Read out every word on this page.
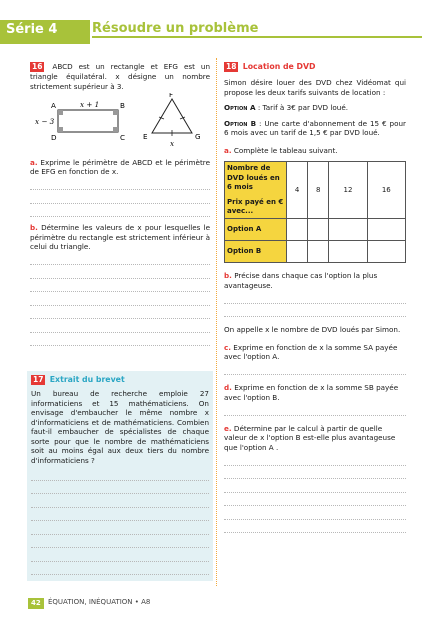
Série 4	Résoudre un problème

16 ABCD est un rectangle et EFG est un triangle équilatéral. x désigne un nombre strictement supérieur à 3.

A	B
C
D
x + 1
x − 3
F
E	G
x

a. Exprime le périmètre de ABCD et le périmètre de EFG en fonction de x.

b. Détermine les valeurs de x pour lesquelles le périmètre du rectangle est strictement inférieur à celui du triangle.

17 Extrait du brevet

Un bureau de recherche emploie 27 informaticiens et 15 mathématiciens. On envisage d'embaucher le même nombre x d'informaticiens et de mathématiciens. Combien faut-il embaucher de spécialistes de chaque sorte pour que le nombre de mathématiciens soit au moins égal aux deux tiers du nombre d'informaticiens ?

18 Location de DVD

Simon désire louer des DVD chez Vidéomat qui propose les deux tarifs suivants de location :

Option A : Tarif à 3€ par DVD loué.

Option B : Une carte d'abonnement de 15 € pour 6 mois avec un tarif de 1,5 € par DVD loué.

a. Complète le tableau suivant.

Nombre de DVD loués en 6 mois
Prix payé en € avec...	4	8	12	16
Option A				
Option B				

b. Précise dans chaque cas l'option la plus avantageuse.

On appelle x le nombre de DVD loués par Simon.

c. Exprime en fonction de x la somme SA payée avec l'option A.

d. Exprime en fonction de x la somme SB payée avec l'option B.

e. Détermine par le calcul à partir de quelle valeur de x l'option B est-elle plus avantageuse que l'option A .

42	ÉQUATION, INÉQUATION • A8
